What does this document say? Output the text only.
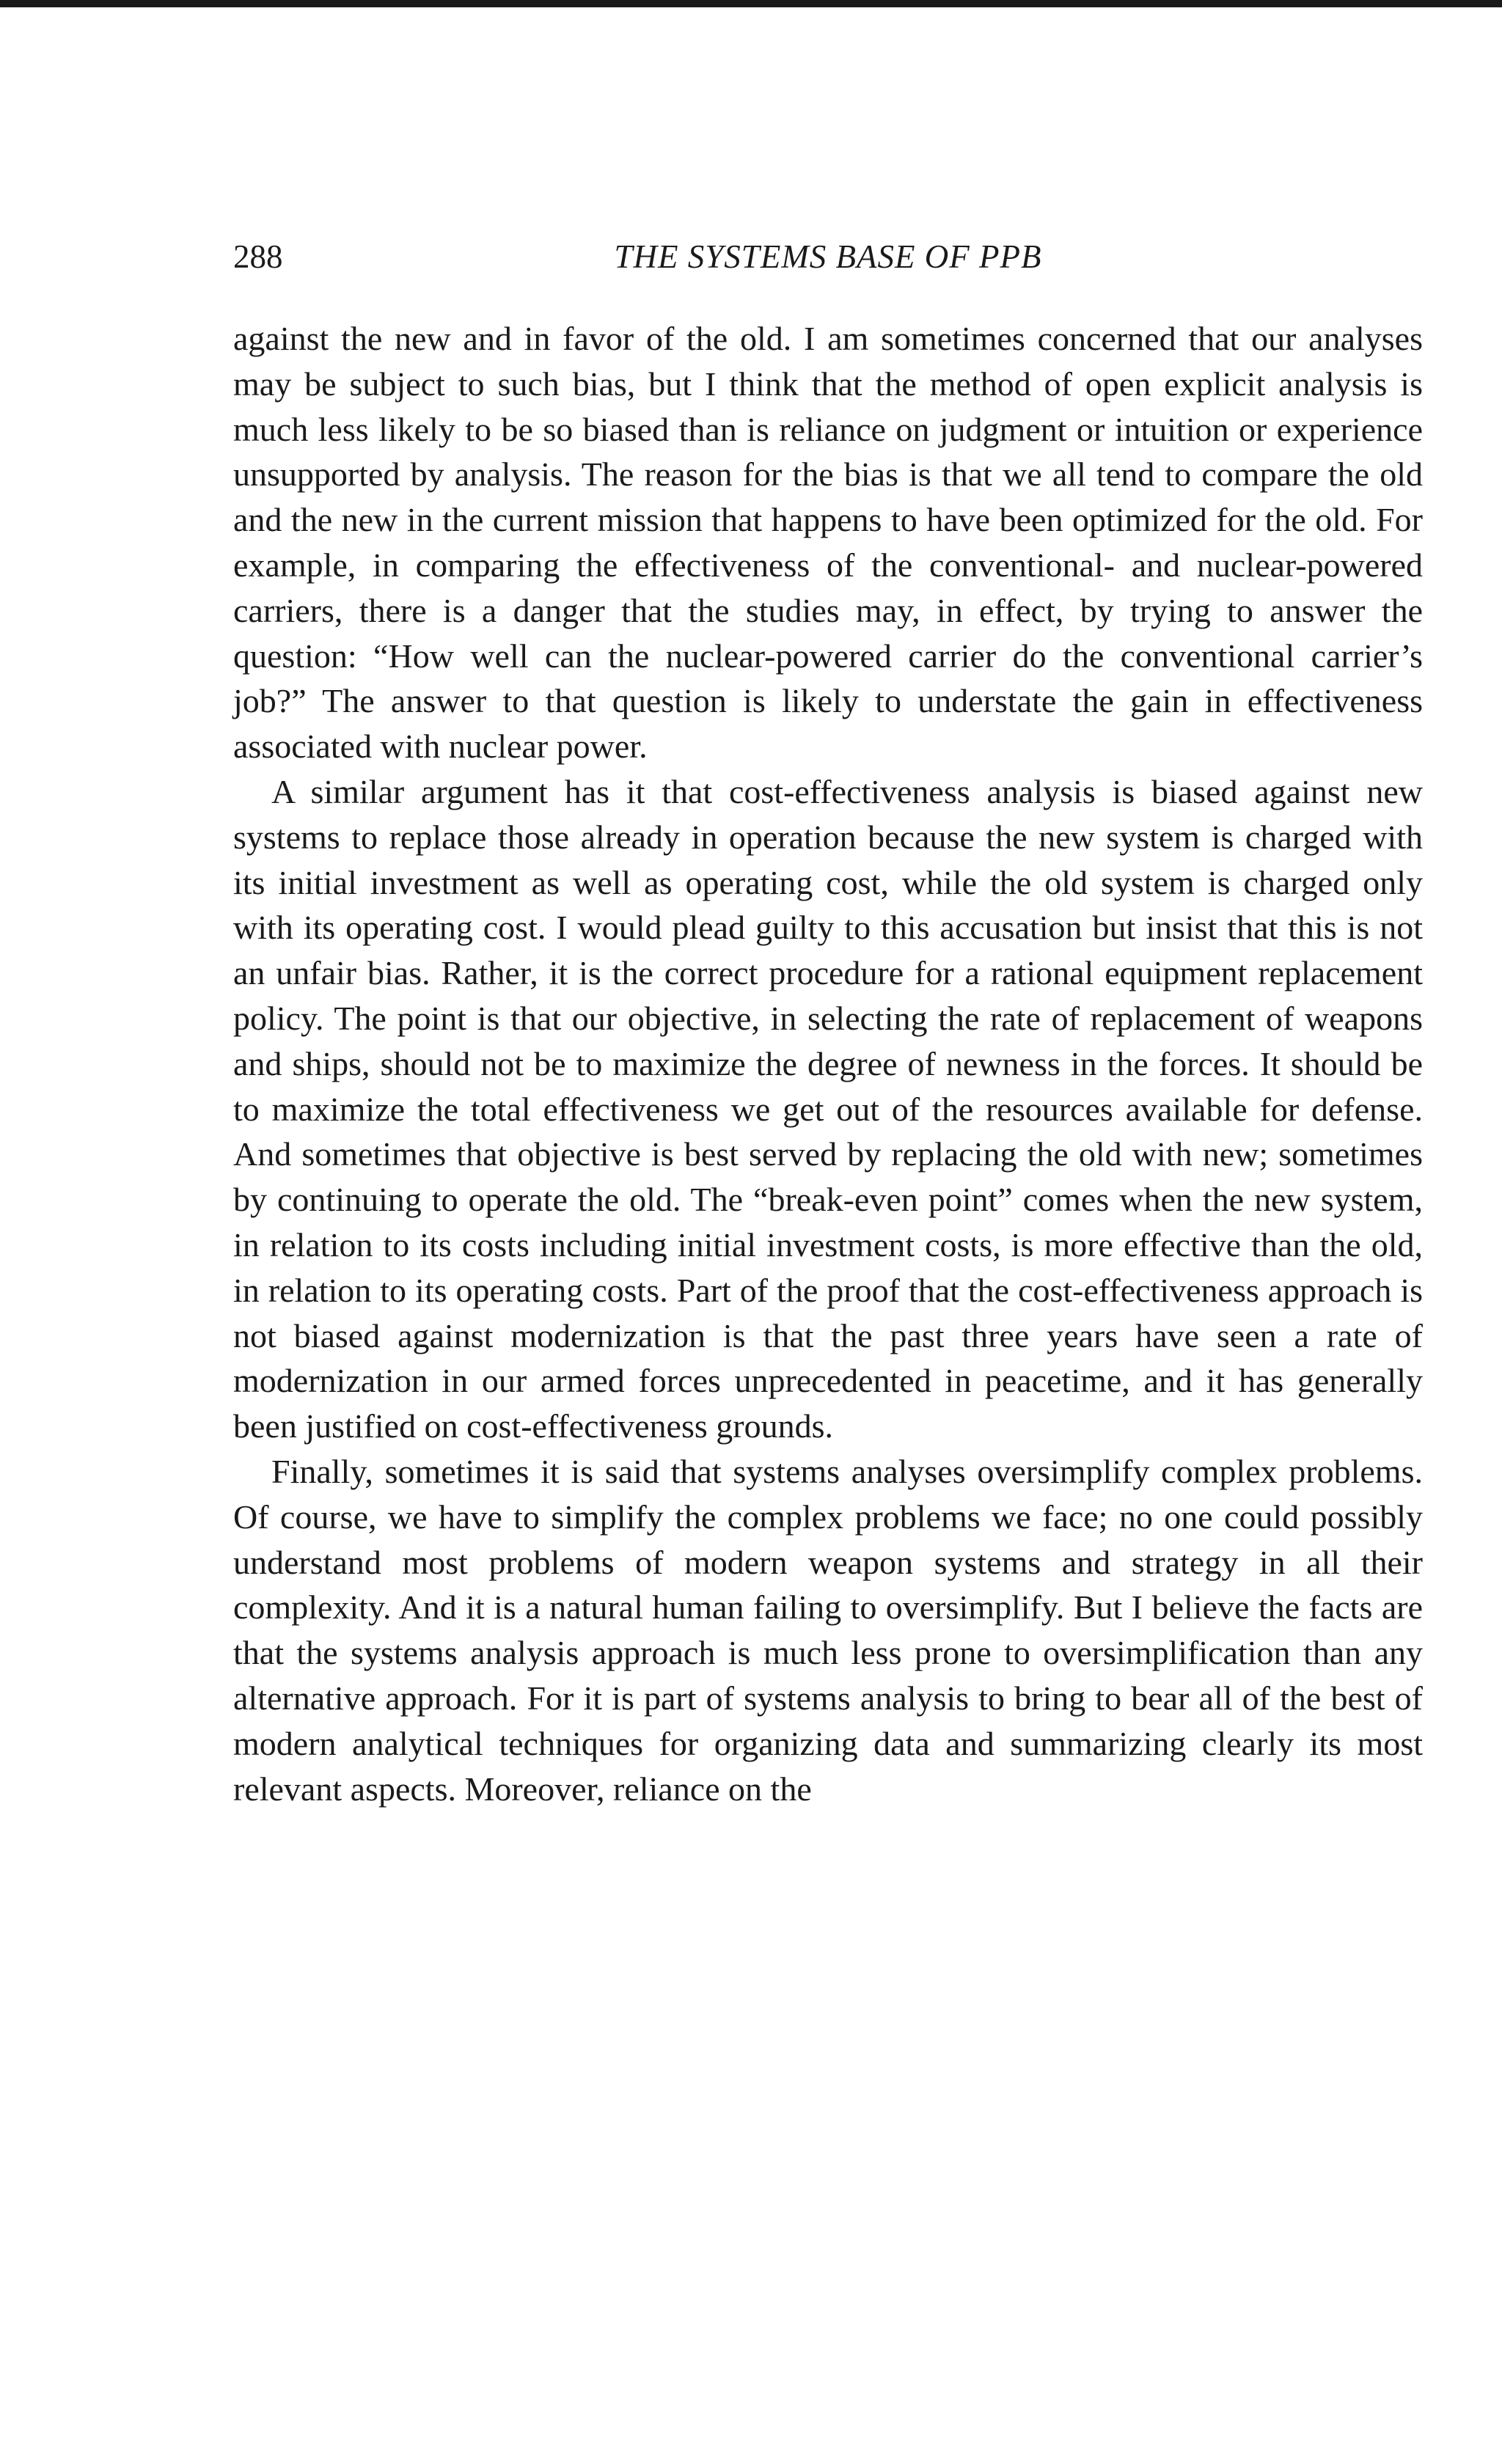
288	THE SYSTEMS BASE OF PPB

against the new and in favor of the old. I am sometimes concerned that our analyses may be subject to such bias, but I think that the method of open explicit analysis is much less likely to be so biased than is reliance on judgment or intuition or experience unsupported by analysis. The reason for the bias is that we all tend to compare the old and the new in the current mission that happens to have been optimized for the old. For example, in comparing the effectiveness of the conventional- and nuclear-powered carriers, there is a danger that the studies may, in effect, by trying to answer the question: “How well can the nuclear-powered carrier do the conventional carrier’s job?” The answer to that question is likely to understate the gain in effectiveness associated with nuclear power.

A similar argument has it that cost-effectiveness analysis is biased against new systems to replace those already in operation because the new system is charged with its initial investment as well as operating cost, while the old system is charged only with its operating cost. I would plead guilty to this accusation but insist that this is not an unfair bias. Rather, it is the correct procedure for a rational equipment replacement policy. The point is that our objective, in selecting the rate of replacement of weapons and ships, should not be to maximize the degree of newness in the forces. It should be to maximize the total effectiveness we get out of the resources available for defense. And sometimes that objective is best served by replacing the old with new; sometimes by continuing to operate the old. The “break-even point” comes when the new system, in relation to its costs including initial investment costs, is more effective than the old, in relation to its operating costs. Part of the proof that the cost-effectiveness approach is not biased against modernization is that the past three years have seen a rate of modernization in our armed forces unprecedented in peacetime, and it has generally been justified on cost-effectiveness grounds.

Finally, sometimes it is said that systems analyses oversimplify complex problems. Of course, we have to simplify the complex problems we face; no one could possibly understand most problems of modern weapon systems and strategy in all their complexity. And it is a natural human failing to oversimplify. But I believe the facts are that the systems analysis approach is much less prone to oversimplification than any alternative approach. For it is part of systems analysis to bring to bear all of the best of modern analytical techniques for organizing data and summarizing clearly its most relevant aspects. Moreover, reliance on the
